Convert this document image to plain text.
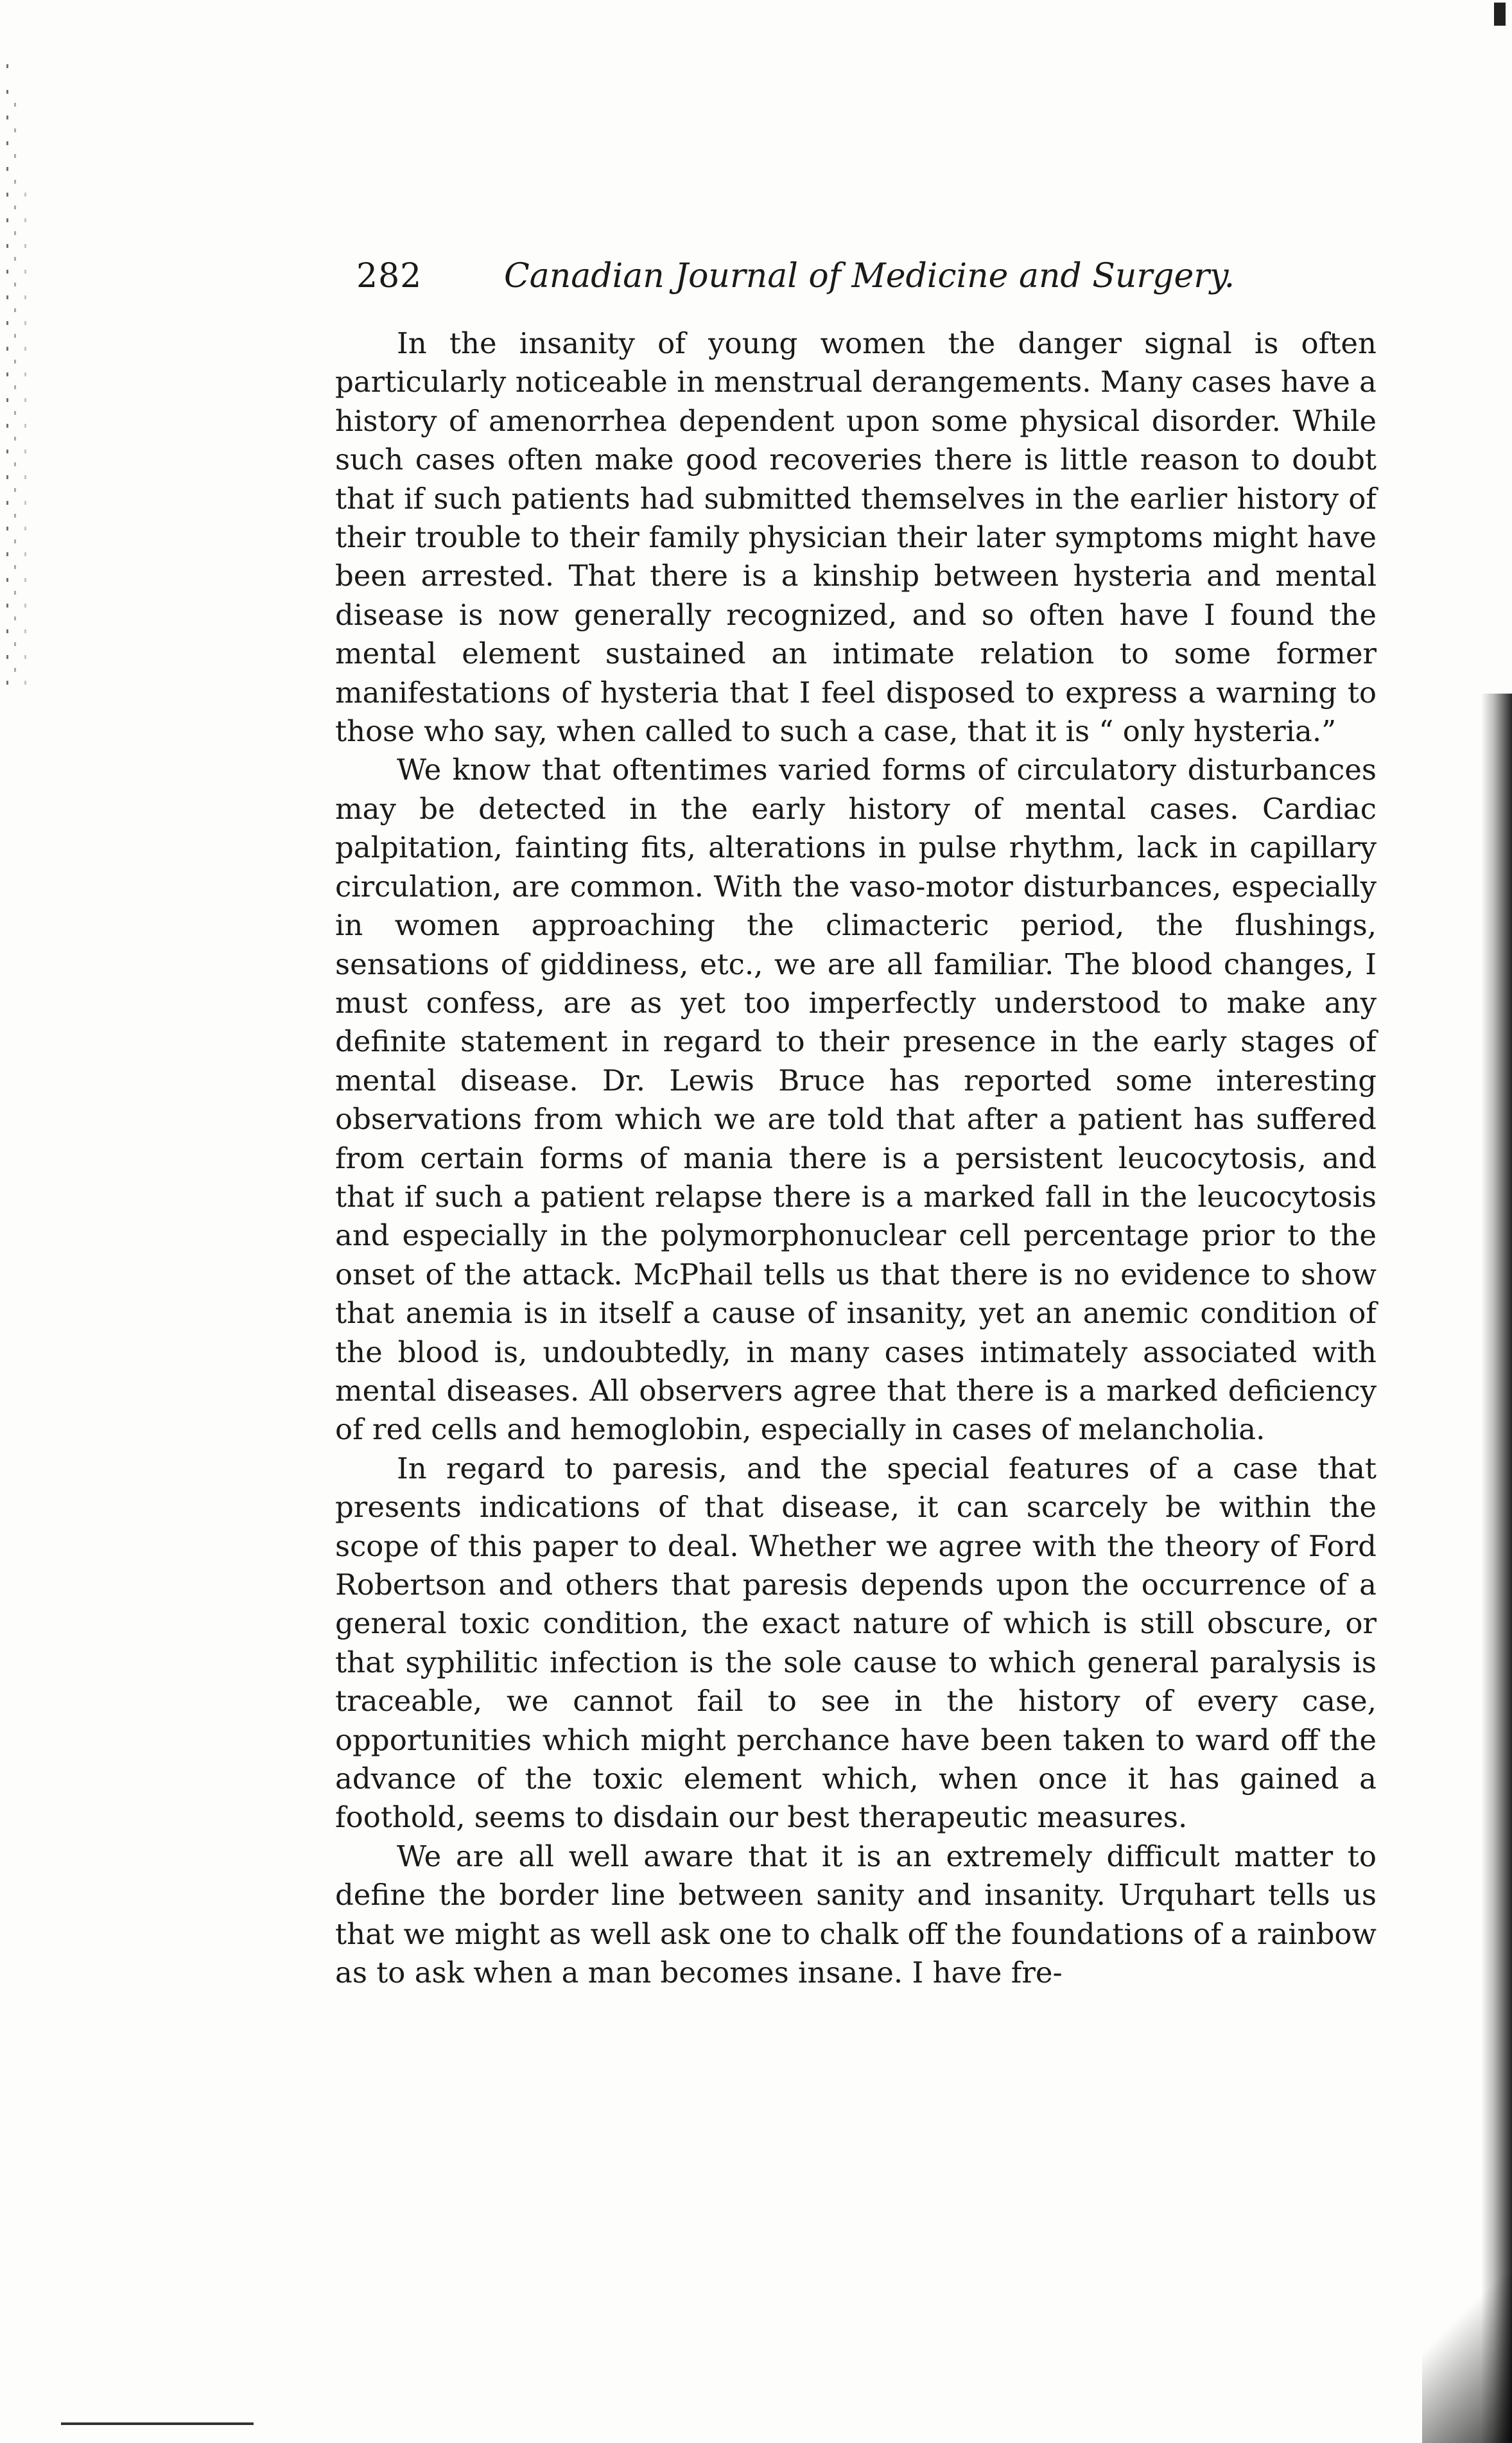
282 Canadian Journal of Medicine and Surgery.

In the insanity of young women the danger signal is often particularly noticeable in menstrual derangements. Many cases have a history of amenorrhea dependent upon some physical disorder. While such cases often make good recoveries there is little reason to doubt that if such patients had submitted themselves in the earlier history of their trouble to their family physician their later symptoms might have been arrested. That there is a kinship between hysteria and mental disease is now generally recognized, and so often have I found the mental element sustained an intimate relation to some former manifestations of hysteria that I feel disposed to express a warning to those who say, when called to such a case, that it is “ only hysteria.”

We know that oftentimes varied forms of circulatory disturbances may be detected in the early history of mental cases. Cardiac palpitation, fainting fits, alterations in pulse rhythm, lack in capillary circulation, are common. With the vaso-motor disturbances, especially in women approaching the climacteric period, the flushings, sensations of giddiness, etc., we are all familiar. The blood changes, I must confess, are as yet too imperfectly understood to make any definite statement in regard to their presence in the early stages of mental disease. Dr. Lewis Bruce has reported some interesting observations from which we are told that after a patient has suffered from certain forms of mania there is a persistent leucocytosis, and that if such a patient relapse there is a marked fall in the leucocytosis and especially in the polymorphonuclear cell percentage prior to the onset of the attack. McPhail tells us that there is no evidence to show that anemia is in itself a cause of insanity, yet an anemic condition of the blood is, undoubtedly, in many cases intimately associated with mental diseases. All observers agree that there is a marked deficiency of red cells and hemoglobin, especially in cases of melancholia.

In regard to paresis, and the special features of a case that presents indications of that disease, it can scarcely be within the scope of this paper to deal. Whether we agree with the theory of Ford Robertson and others that paresis depends upon the occurrence of a general toxic condition, the exact nature of which is still obscure, or that syphilitic infection is the sole cause to which general paralysis is traceable, we cannot fail to see in the history of every case, opportunities which might perchance have been taken to ward off the advance of the toxic element which, when once it has gained a foothold, seems to disdain our best therapeutic measures.

We are all well aware that it is an extremely difficult matter to define the border line between sanity and insanity. Urquhart tells us that we might as well ask one to chalk off the foundations of a rainbow as to ask when a man becomes insane. I have fre-
